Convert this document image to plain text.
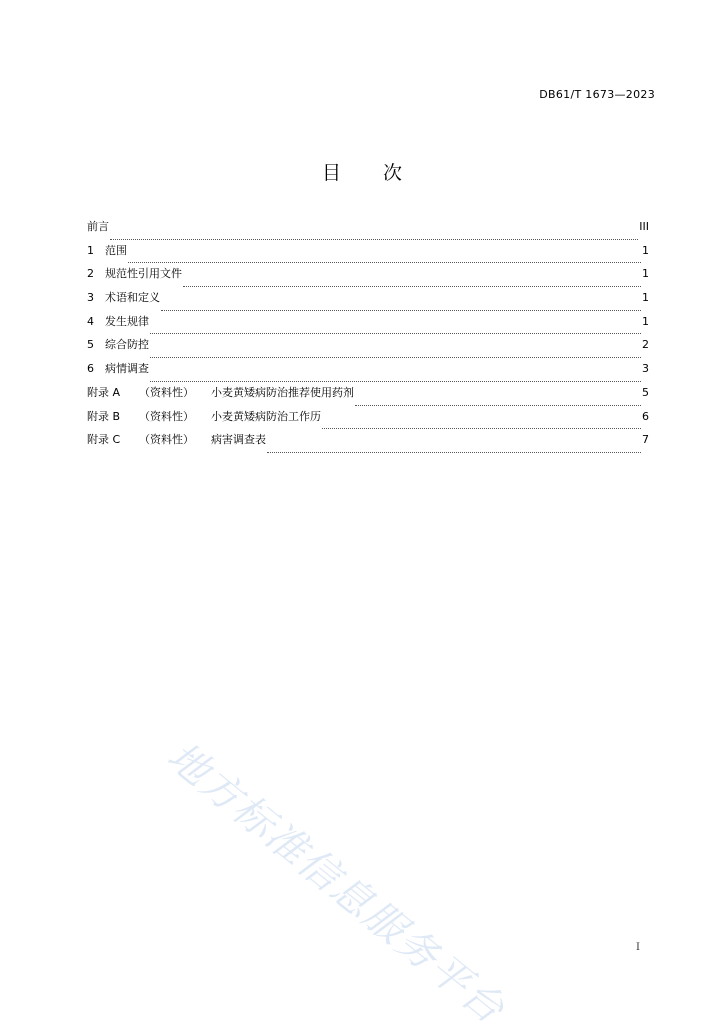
DB61/T 1673—2023
目 次
前言	III
1	范围	1
2	规范性引用文件	1
3	术语和定义	1
4	发生规律	1
5	综合防控	2
6	病情调查	3
附录 A	（资料性）	小麦黄矮病防治推荐使用药剂	5
附录 B	（资料性）	小麦黄矮病防治工作历	6
附录 C	（资料性）	病害调查表	7
地方标准信息服务平台	I
